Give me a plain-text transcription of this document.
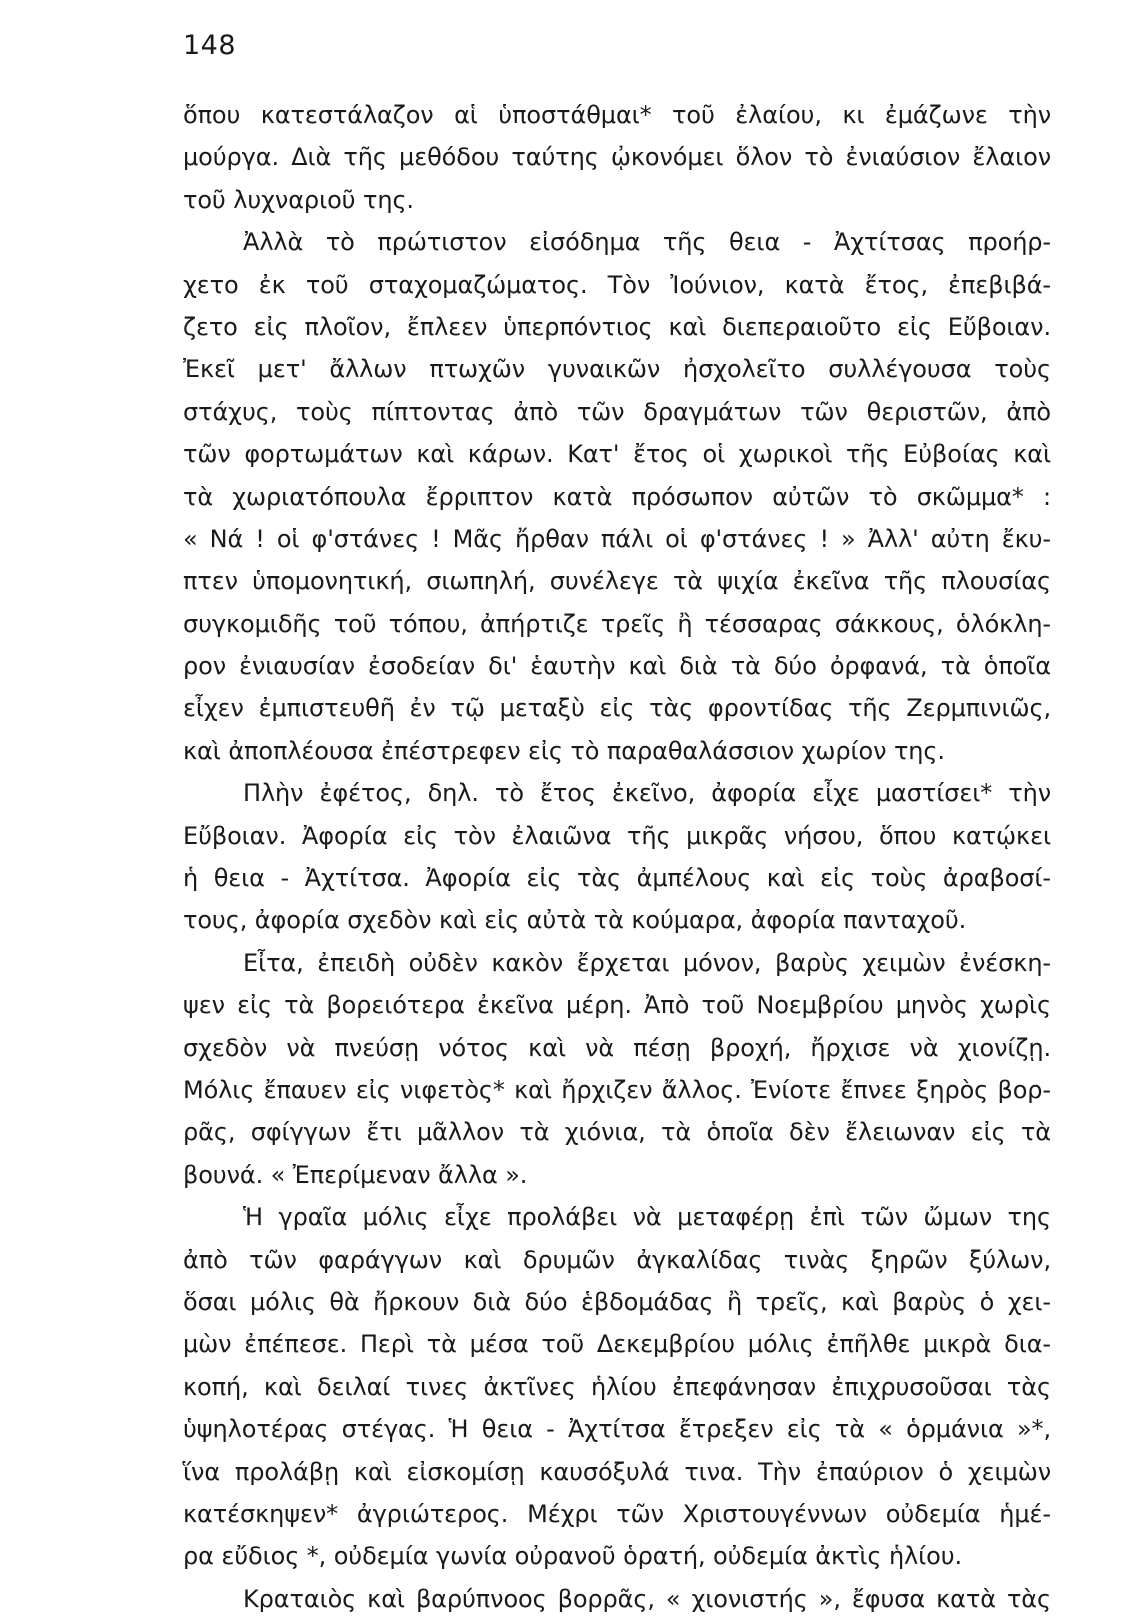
148
ὅπου κατεστάλαζον αἱ ὑποστάθμαι* τοῦ ἐλαίου, κι ἐμάζωνε τὴν
μούργα. Διὰ τῆς μεθόδου ταύτης ᾠκονόμει ὅλον τὸ ἐνιαύσιον ἔλαιον
τοῦ λυχναριοῦ της.
Ἀλλὰ τὸ πρώτιστον εἰσόδημα τῆς θεια - Ἀχτίτσας προήρ-
χετο ἐκ τοῦ σταχομαζώματος. Τὸν Ἰούνιον, κατὰ ἔτος, ἐπεβιβά-
ζετο εἰς πλοῖον, ἔπλεεν ὑπερπόντιος καὶ διεπεραιοῦτο εἰς Εὔβοιαν.
Ἐκεῖ μετ' ἄλλων πτωχῶν γυναικῶν ἠσχολεῖτο συλλέγουσα τοὺς
στάχυς, τοὺς πίπτοντας ἀπὸ τῶν δραγμάτων τῶν θεριστῶν, ἀπὸ
τῶν φορτωμάτων καὶ κάρων. Κατ' ἔτος οἱ χωρικοὶ τῆς Εὐβοίας καὶ
τὰ χωριατόπουλα ἔρριπτον κατὰ πρόσωπον αὐτῶν τὸ σκῶμμα* :
« Νά ! οἱ φ'στάνες ! Μᾶς ἤρθαν πάλι οἱ φ'στάνες ! » Ἀλλ' αὐτη ἔκυ-
πτεν ὑπομονητική, σιωπηλή, συνέλεγε τὰ ψιχία ἐκεῖνα τῆς πλουσίας
συγκομιδῆς τοῦ τόπου, ἀπήρτιζε τρεῖς ἢ τέσσαρας σάκκους, ὁλόκλη-
ρον ἐνιαυσίαν ἐσοδείαν δι' ἑαυτὴν καὶ διὰ τὰ δύο ὀρφανά, τὰ ὁποῖα
εἶχεν ἐμπιστευθῆ ἐν τῷ μεταξὺ εἰς τὰς φροντίδας τῆς Ζερμπινιῶς,
καὶ ἀποπλέουσα ἐπέστρεφεν εἰς τὸ παραθαλάσσιον χωρίον της.
Πλὴν ἐφέτος, δηλ. τὸ ἔτος ἐκεῖνο, ἀφορία εἶχε μαστίσει* τὴν
Εὔβοιαν. Ἀφορία εἰς τὸν ἐλαιῶνα τῆς μικρᾶς νήσου, ὅπου κατῴκει
ἡ θεια - Ἀχτίτσα. Ἀφορία εἰς τὰς ἀμπέλους καὶ εἰς τοὺς ἀραβοσί-
τους, ἀφορία σχεδὸν καὶ εἰς αὐτὰ τὰ κούμαρα, ἀφορία πανταχοῦ.
Εἶτα, ἐπειδὴ οὐδὲν κακὸν ἔρχεται μόνον, βαρὺς χειμὼν ἐνέσκη-
ψεν εἰς τὰ βορειότερα ἐκεῖνα μέρη. Ἀπὸ τοῦ Νοεμβρίου μηνὸς χωρὶς
σχεδὸν νὰ πνεύσῃ νότος καὶ νὰ πέσῃ βροχή, ἤρχισε νὰ χιονίζῃ.
Μόλις ἔπαυεν εἰς νιφετὸς* καὶ ἤρχιζεν ἄλλος. Ἐνίοτε ἔπνεε ξηρὸς βορ-
ρᾶς, σφίγγων ἔτι μᾶλλον τὰ χιόνια, τὰ ὁποῖα δὲν ἔλειωναν εἰς τὰ
βουνά. « Ἐπερίμεναν ἄλλα ».
Ἡ γραῖα μόλις εἶχε προλάβει νὰ μεταφέρῃ ἐπὶ τῶν ὤμων της
ἀπὸ τῶν φαράγγων καὶ δρυμῶν ἀγκαλίδας τινὰς ξηρῶν ξύλων,
ὅσαι μόλις θὰ ἤρκουν διὰ δύο ἑβδομάδας ἢ τρεῖς, καὶ βαρὺς ὁ χει-
μὼν ἐπέπεσε. Περὶ τὰ μέσα τοῦ Δεκεμβρίου μόλις ἐπῆλθε μικρὰ δια-
κοπή, καὶ δειλαί τινες ἀκτῖνες ἡλίου ἐπεφάνησαν ἐπιχρυσοῦσαι τὰς
ὑψηλοτέρας στέγας. Ἡ θεια - Ἀχτίτσα ἔτρεξεν εἰς τὰ « ὁρμάνια »*,
ἵνα προλάβῃ καὶ εἰσκομίσῃ καυσόξυλά τινα. Τὴν ἐπαύριον ὁ χειμὼν
κατέσκηψεν* ἀγριώτερος. Μέχρι τῶν Χριστουγέννων οὐδεμία ἡμέ-
ρα εὔδιος *, οὐδεμία γωνία οὐρανοῦ ὁρατή, οὐδεμία ἀκτὶς ἡλίου.
Κραταιὸς καὶ βαρύπνοος βορρᾶς, « χιονιστής », ἔφυσα κατὰ τὰς
